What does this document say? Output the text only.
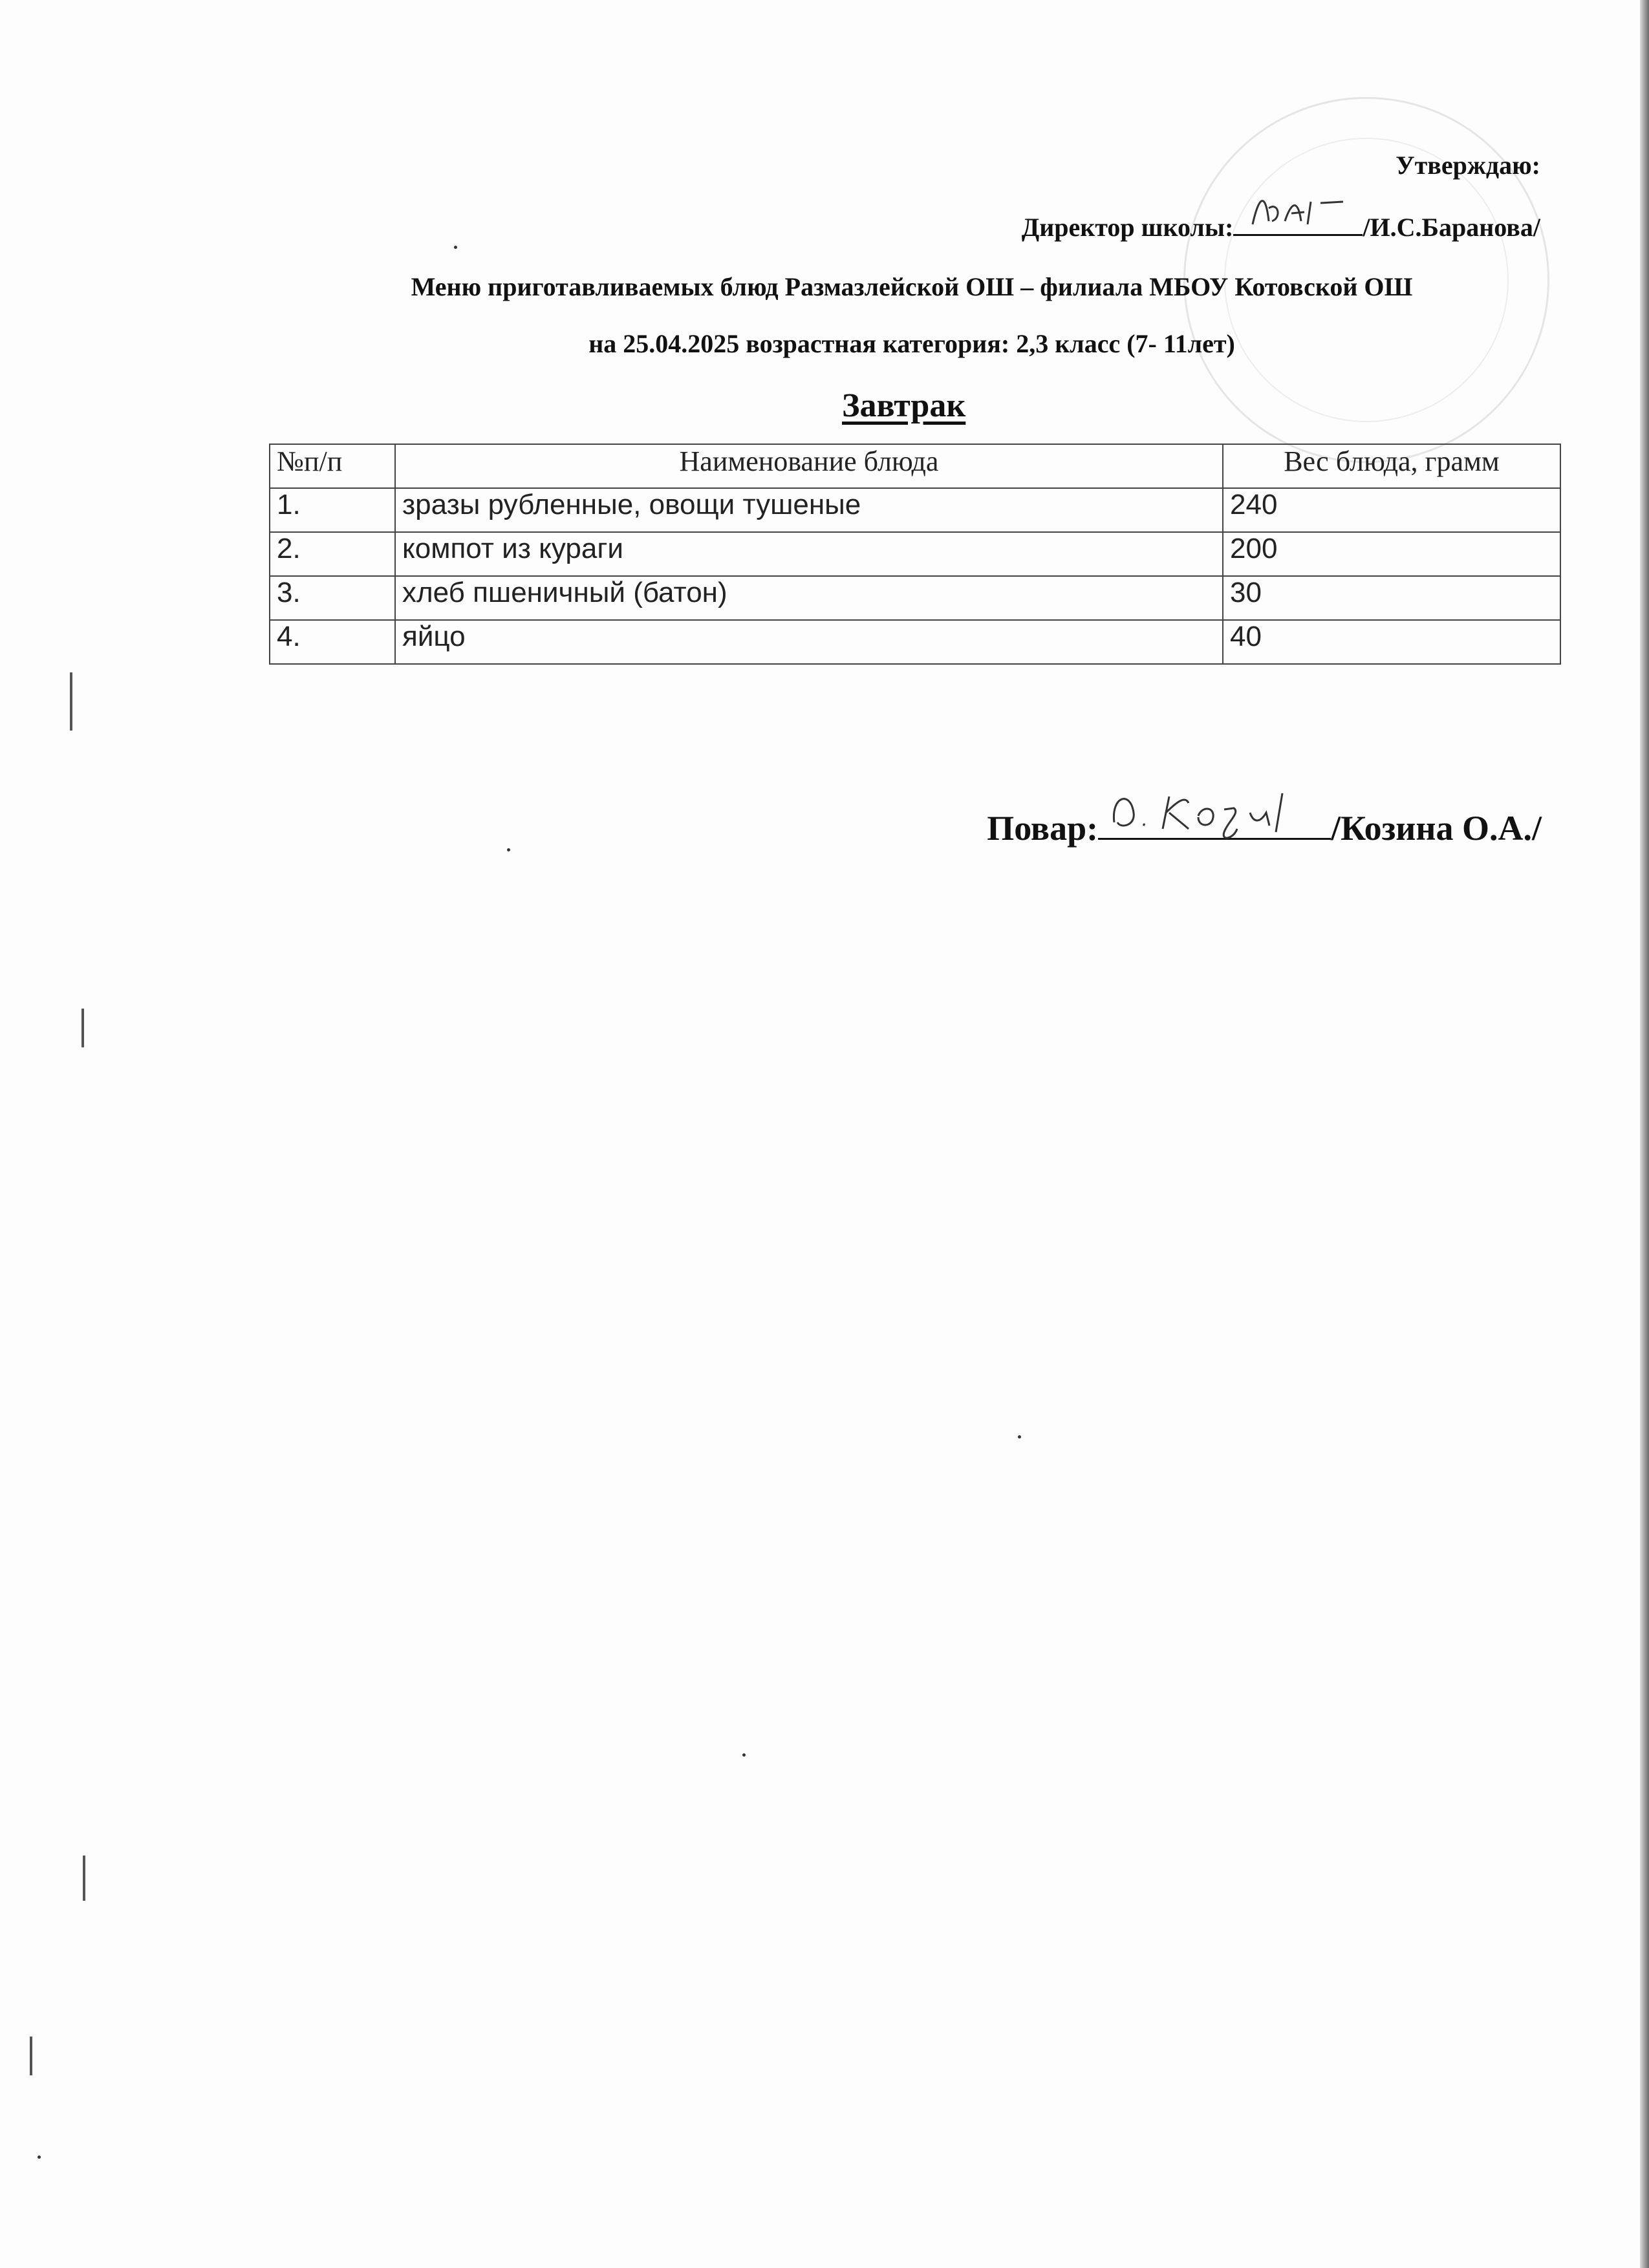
Утверждаю:
Директор школы:	/И.С.Баранова/
Меню приготавливаемых блюд Размазлейской ОШ – филиала МБОУ Котовской ОШ
на 25.04.2025 возрастная категория: 2,3 класс (7- 11лет)
Завтрак
№п/п	Наименование блюда	Вес блюда, грамм
1.	зразы рубленные, овощи тушеные	240
2.	компот из кураги	200
3.	хлеб пшеничный (батон)	30
4.	яйцо	40
Повар:	/Козина О.А./
